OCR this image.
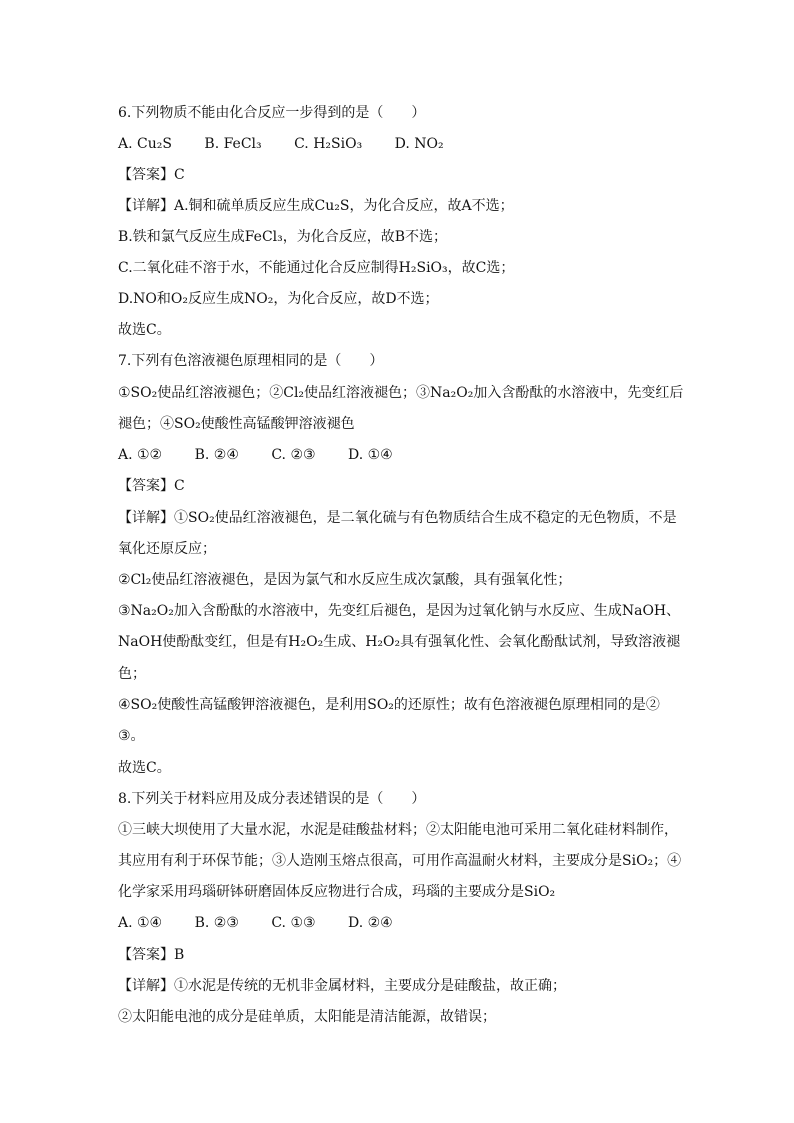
6.下列物质不能由化合反应一步得到的是（　　）
A. Cu₂S B. FeCl₃ C. H₂SiO₃ D. NO₂
【答案】C
【详解】A.铜和硫单质反应生成Cu₂S，为化合反应，故A不选；
B.铁和氯气反应生成FeCl₃，为化合反应，故B不选；
C.二氧化硅不溶于水，不能通过化合反应制得H₂SiO₃，故C选；
D.NO和O₂反应生成NO₂，为化合反应，故D不选；
故选C。
7.下列有色溶液褪色原理相同的是（　　）
①SO₂使品红溶液褪色；②Cl₂使品红溶液褪色；③Na₂O₂加入含酚酞的水溶液中，先变红后
褪色；④SO₂使酸性高锰酸钾溶液褪色
A. ①② B. ②④ C. ②③ D. ①④
【答案】C
【详解】①SO₂使品红溶液褪色，是二氧化硫与有色物质结合生成不稳定的无色物质，不是
氧化还原反应；
②Cl₂使品红溶液褪色，是因为氯气和水反应生成次氯酸，具有强氧化性；
③Na₂O₂加入含酚酞的水溶液中，先变红后褪色，是因为过氧化钠与水反应、生成NaOH、
NaOH使酚酞变红，但是有H₂O₂生成、H₂O₂具有强氧化性、会氧化酚酞试剂，导致溶液褪
色；
④SO₂使酸性高锰酸钾溶液褪色，是利用SO₂的还原性；故有色溶液褪色原理相同的是②
③。
故选C。
8.下列关于材料应用及成分表述错误的是（　　）
①三峡大坝使用了大量水泥，水泥是硅酸盐材料；②太阳能电池可采用二氧化硅材料制作，
其应用有利于环保节能；③人造刚玉熔点很高，可用作高温耐火材料，主要成分是SiO₂；④
化学家采用玛瑙研钵研磨固体反应物进行合成，玛瑙的主要成分是SiO₂
A. ①④ B. ②③ C. ①③ D. ②④
【答案】B
【详解】①水泥是传统的无机非金属材料，主要成分是硅酸盐，故正确；
②太阳能电池的成分是硅单质，太阳能是清洁能源，故错误；
